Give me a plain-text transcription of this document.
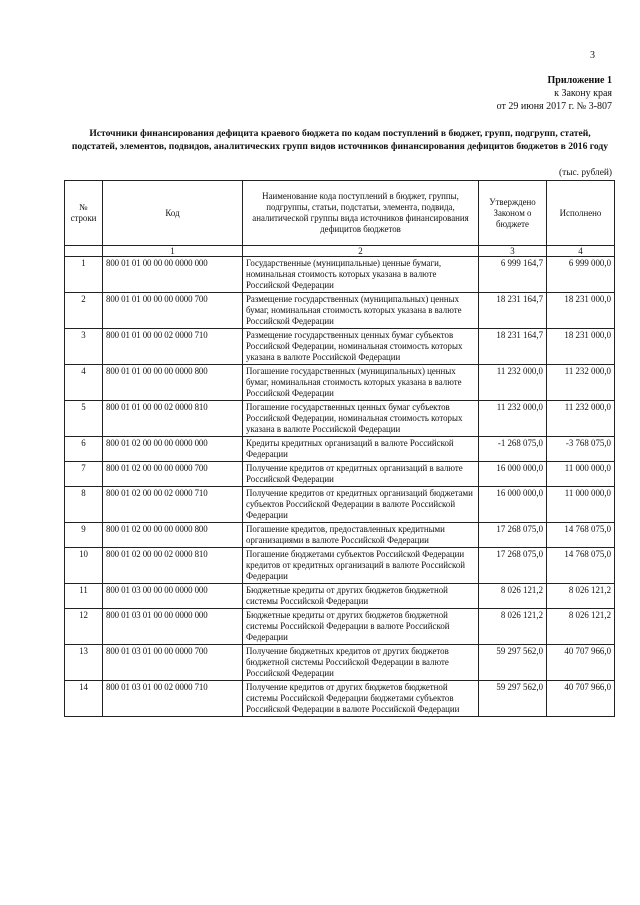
3
Приложение 1
к Закону края
от 29 июня 2017 г. № 3-807
Источники финансирования дефицита краевого бюджета по кодам поступлений в бюджет, групп, подгрупп, статей, подстатей, элементов, подвидов, аналитических групп видов источников финансирования дефицитов бюджетов в 2016 году
(тыс. рублей)
№ строки	Код	Наименование кода поступлений в бюджет, группы, подгруппы, статьи, подстатьи, элемента, подвида, аналитической группы вида источников финансирования дефицитов бюджетов	Утверждено Законом о бюджете	Исполнено
	1	2	3	4
1	800 01 01 00 00 00 0000 000	Государственные (муниципальные) ценные бумаги, номинальная стоимость которых указана в валюте Российской Федерации	6 999 164,7	6 999 000,0
2	800 01 01 00 00 00 0000 700	Размещение государственных (муниципальных) ценных бумаг, номинальная стоимость которых указана в валюте Российской Федерации	18 231 164,7	18 231 000,0
3	800 01 01 00 00 02 0000 710	Размещение государственных ценных бумаг субъектов Российской Федерации, номинальная стоимость которых указана в валюте Российской Федерации	18 231 164,7	18 231 000,0
4	800 01 01 00 00 00 0000 800	Погашение государственных (муниципальных) ценных бумаг, номинальная стоимость которых указана в валюте Российской Федерации	11 232 000,0	11 232 000,0
5	800 01 01 00 00 02 0000 810	Погашение государственных ценных бумаг субъектов Российской Федерации, номинальная стоимость которых указана в валюте Российской Федерации	11 232 000,0	11 232 000,0
6	800 01 02 00 00 00 0000 000	Кредиты кредитных организаций в валюте Российской Федерации	-1 268 075,0	-3 768 075,0
7	800 01 02 00 00 00 0000 700	Получение кредитов от кредитных организаций в валюте Российской Федерации	16 000 000,0	11 000 000,0
8	800 01 02 00 00 02 0000 710	Получение кредитов от кредитных организаций бюджетами субъектов Российской Федерации в валюте Российской Федерации	16 000 000,0	11 000 000,0
9	800 01 02 00 00 00 0000 800	Погашение кредитов, предоставленных кредитными организациями в валюте Российской Федерации	17 268 075,0	14 768 075,0
10	800 01 02 00 00 02 0000 810	Погашение бюджетами субъектов Российской Федерации кредитов от кредитных организаций в валюте Российской Федерации	17 268 075,0	14 768 075,0
11	800 01 03 00 00 00 0000 000	Бюджетные кредиты от других бюджетов бюджетной системы Российской Федерации	8 026 121,2	8 026 121,2
12	800 01 03 01 00 00 0000 000	Бюджетные кредиты от других бюджетов бюджетной системы Российской Федерации в валюте Российской Федерации	8 026 121,2	8 026 121,2
13	800 01 03 01 00 00 0000 700	Получение бюджетных кредитов от других бюджетов бюджетной системы Российской Федерации в валюте Российской Федерации	59 297 562,0	40 707 966,0
14	800 01 03 01 00 02 0000 710	Получение кредитов от других бюджетов бюджетной системы Российской Федерации бюджетами субъектов Российской Федерации в валюте Российской Федерации	59 297 562,0	40 707 966,0
